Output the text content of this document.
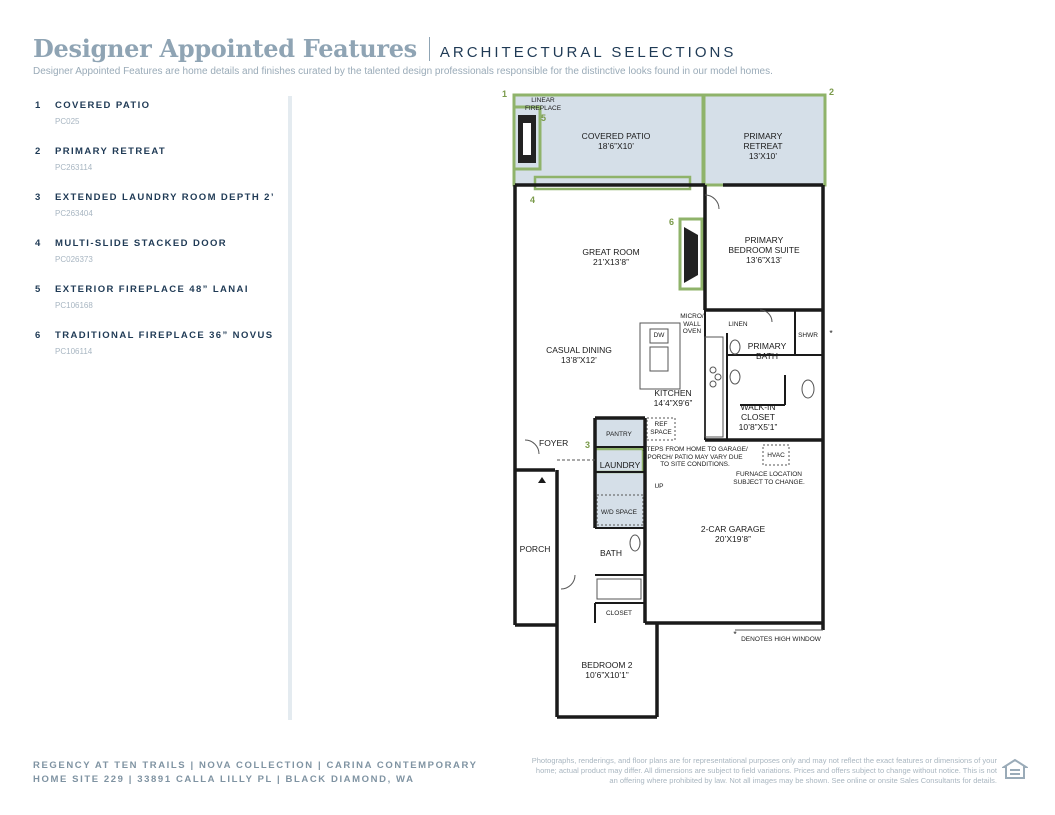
Designer Appointed Features ARCHITECTURAL SELECTIONS
Designer Appointed Features are home details and finishes curated by the talented design professionals responsible for the distinctive looks found in our model homes.
1	COVERED PATIO
PC025
2	PRIMARY RETREAT
PC263114
3	EXTENDED LAUNDRY ROOM DEPTH 2’
PC263404
4	MULTI-SLIDE STACKED DOOR
PC026373
5	EXTERIOR FIREPLACE 48” LANAI
PC106168
6	TRADITIONAL FIREPLACE 36” NOVUS
PC106114
1	2
3
4
5
6
LINEAR
FIREPLACE
COVERED PATIO
18’6”X10’
PRIMARY
RETREAT
13’X10’
GREAT ROOM
21’X13’8”
PRIMARY
BEDROOM SUITE
13’6”X13’
MICRO/
WALL
OVEN
DW
LINEN
SHWR *
CASUAL DINING
13’8”X12’
PRIMARY
BATH
KITCHEN
14’4”X9’6”	WALK-IN
CLOSET
10’8”X5’1”
PANTRY
REF
SPACE
FOYER
LAUNDRY
STEPS FROM HOME TO GARAGE/
PORCH/ PATIO MAY VARY DUE
TO SITE CONDITIONS.
HVAC
FURNACE LOCATION
SUBJECT TO CHANGE.
UP
W/D SPACE
2-CAR GARAGE
20’X19’8”
PORCH	BATH
CLOSET
*
DENOTES HIGH WINDOW
BEDROOM 2
10’6”X10’1”
REGENCY AT TEN TRAILS | NOVA COLLECTION | CARINA CONTEMPORARY
HOME SITE 229 | 33891 CALLA LILLY PL | BLACK DIAMOND, WA
Photographs, renderings, and floor plans are for representational purposes only and may not reflect the exact features or dimensions of your home; actual product may differ. All dimensions are subject to field variations. Prices and offers subject to change without notice. This is not an offering where prohibited by law. Not all images may be shown. See online or onsite Sales Consultants for details.
